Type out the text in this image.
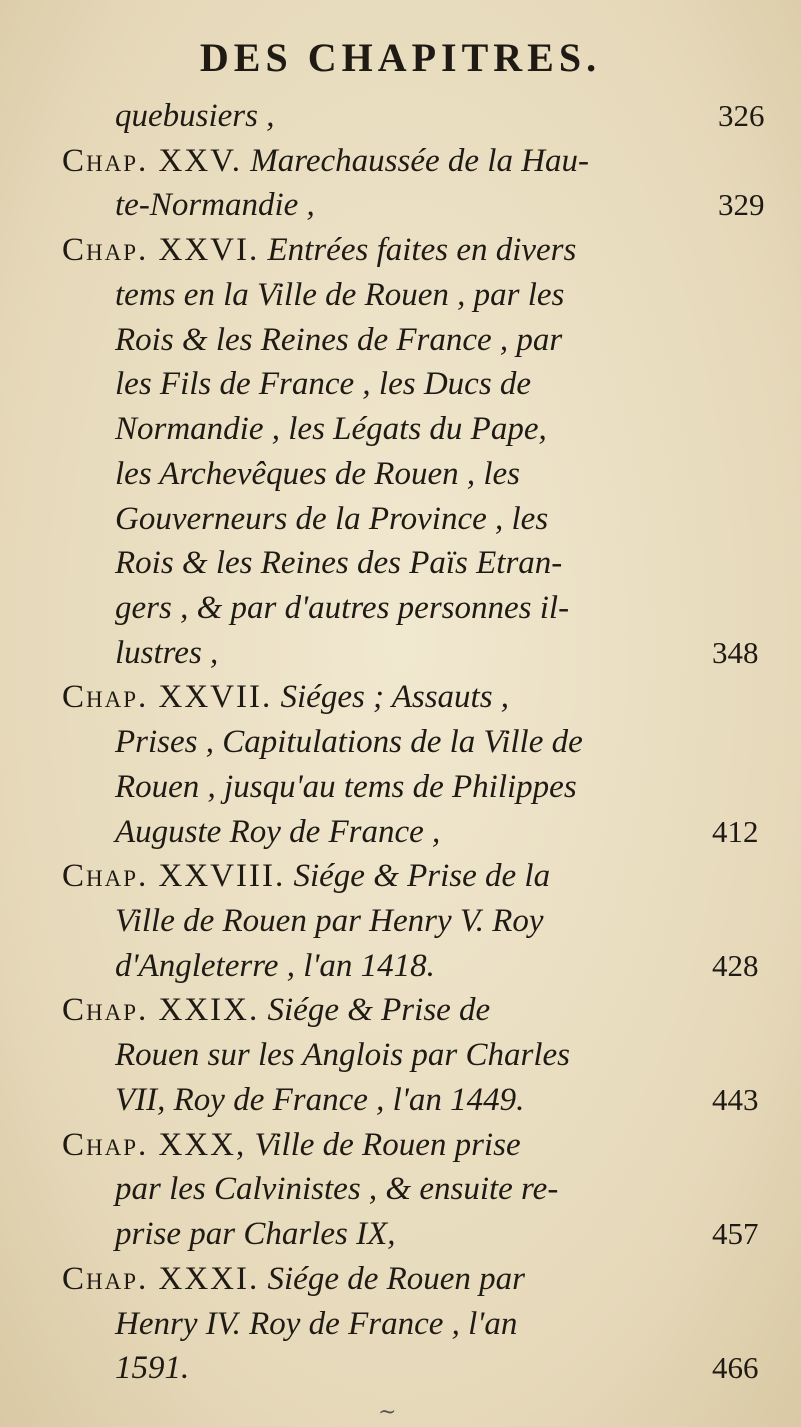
DES CHAPITRES.
quebusiers ,	326
Chap. XXV. Marechaussée de la Hau-
te-Normandie ,	329
Chap. XXVI. Entrées faites en divers
tems en la Ville de Rouen , par les
Rois & les Reines de France , par
les Fils de France , les Ducs de
Normandie , les Légats du Pape,
les Archevêques de Rouen , les
Gouverneurs de la Province , les
Rois & les Reines des Païs Etran-
gers , & par d'autres personnes il-
lustres ,	348
Chap. XXVII. Siéges ; Assauts ,
Prises , Capitulations de la Ville de
Rouen , jusqu'au tems de Philippes
Auguste Roy de France ,	412
Chap. XXVIII. Siége & Prise de la
Ville de Rouen par Henry V. Roy
d'Angleterre , l'an 1418.	428
Chap. XXIX. Siége & Prise de
Rouen sur les Anglois par Charles
VII, Roy de France , l'an 1449.	443
Chap. XXX, Ville de Rouen prise
par les Calvinistes , & ensuite re-
prise par Charles IX,	457
Chap. XXXI. Siége de Rouen par
Henry IV. Roy de France , l'an
1591.	466
~
